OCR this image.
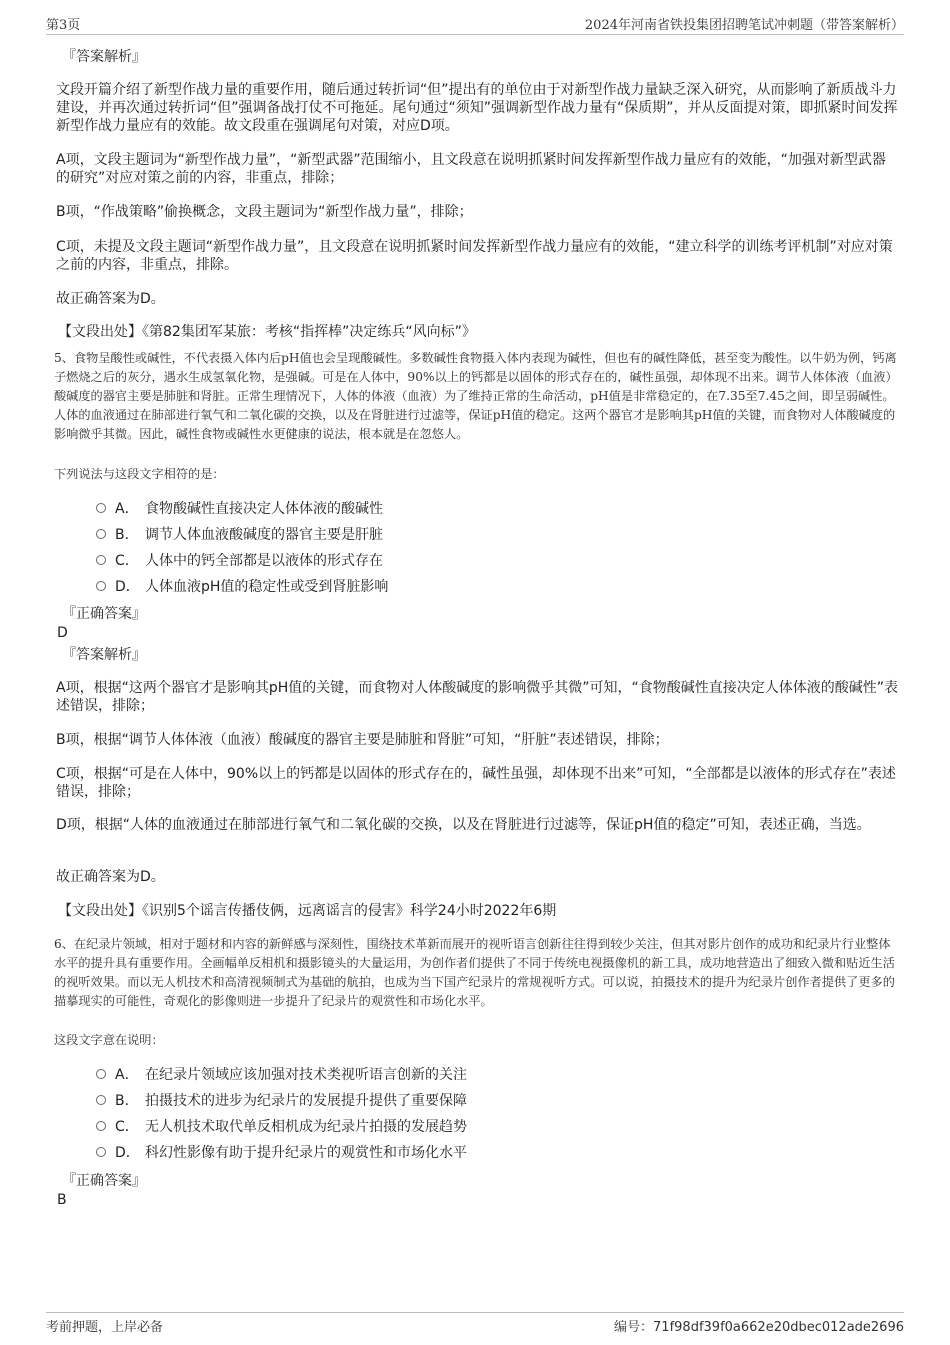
第3页	2024年河南省铁投集团招聘笔试冲刺题（带答案解析）
『答案解析』
文段开篇介绍了新型作战力量的重要作用，随后通过转折词“但”提出有的单位由于对新型作战力量缺乏深入研究，从而影响了新质战斗力建设，并再次通过转折词“但”强调备战打仗不可拖延。尾句通过“须知”强调新型作战力量有“保质期”，并从反面提对策，即抓紧时间发挥新型作战力量应有的效能。故文段重在强调尾句对策，对应D项。
A项，文段主题词为“新型作战力量”，“新型武器”范围缩小，且文段意在说明抓紧时间发挥新型作战力量应有的效能，“加强对新型武器的研究”对应对策之前的内容，非重点，排除；
B项，“作战策略”偷换概念，文段主题词为“新型作战力量”，排除；
C项，未提及文段主题词“新型作战力量”，且文段意在说明抓紧时间发挥新型作战力量应有的效能，“建立科学的训练考评机制”对应对策之前的内容，非重点，排除。
故正确答案为D。
【文段出处】《第82集团军某旅：考核“指挥棒”决定练兵“风向标”》
5、食物呈酸性或碱性，不代表摄入体内后pH值也会呈现酸碱性。多数碱性食物摄入体内表现为碱性，但也有的碱性降低，甚至变为酸性。以牛奶为例，钙离子燃烧之后的灰分，遇水生成氢氧化物，是强碱。可是在人体中，90%以上的钙都是以固体的形式存在的，碱性虽强，却体现不出来。调节人体体液（血液）酸碱度的器官主要是肺脏和肾脏。正常生理情况下，人体的体液（血液）为了维持正常的生命活动，pH值是非常稳定的，在7.35至7.45之间，即呈弱碱性。人体的血液通过在肺部进行氧气和二氧化碳的交换，以及在肾脏进行过滤等，保证pH值的稳定。这两个器官才是影响其pH值的关键，而食物对人体酸碱度的影响微乎其微。因此，碱性食物或碱性水更健康的说法，根本就是在忽悠人。
下列说法与这段文字相符的是：
A． 食物酸碱性直接决定人体体液的酸碱性
B． 调节人体血液酸碱度的器官主要是肝脏
C． 人体中的钙全部都是以液体的形式存在
D． 人体血液pH值的稳定性或受到肾脏影响
『正确答案』
D
『答案解析』
A项，根据“这两个器官才是影响其pH值的关键，而食物对人体酸碱度的影响微乎其微”可知，“食物酸碱性直接决定人体体液的酸碱性”表述错误，排除；
B项，根据“调节人体体液（血液）酸碱度的器官主要是肺脏和肾脏”可知，“肝脏”表述错误，排除；
C项，根据“可是在人体中，90%以上的钙都是以固体的形式存在的，碱性虽强，却体现不出来”可知，“全部都是以液体的形式存在”表述错误，排除；
D项，根据“人体的血液通过在肺部进行氧气和二氧化碳的交换，以及在肾脏进行过滤等，保证pH值的稳定”可知，表述正确，当选。
故正确答案为D。
【文段出处】《识别5个谣言传播伎俩，远离谣言的侵害》科学24小时2022年6期
6、在纪录片领域，相对于题材和内容的新鲜感与深刻性，围绕技术革新而展开的视听语言创新往往得到较少关注，但其对影片创作的成功和纪录片行业整体水平的提升具有重要作用。全画幅单反相机和摄影镜头的大量运用，为创作者们提供了不同于传统电视摄像机的新工具，成功地营造出了细致入微和贴近生活的视听效果。而以无人机技术和高清视频制式为基础的航拍，也成为当下国产纪录片的常规视听方式。可以说，拍摄技术的提升为纪录片创作者提供了更多的描摹现实的可能性，奇观化的影像则进一步提升了纪录片的观赏性和市场化水平。
这段文字意在说明：
A． 在纪录片领域应该加强对技术类视听语言创新的关注
B． 拍摄技术的进步为纪录片的发展提升提供了重要保障
C． 无人机技术取代单反相机成为纪录片拍摄的发展趋势
D． 科幻性影像有助于提升纪录片的观赏性和市场化水平
『正确答案』
B
考前押题，上岸必备	编号：71f98df39f0a662e20dbec012ade2696
